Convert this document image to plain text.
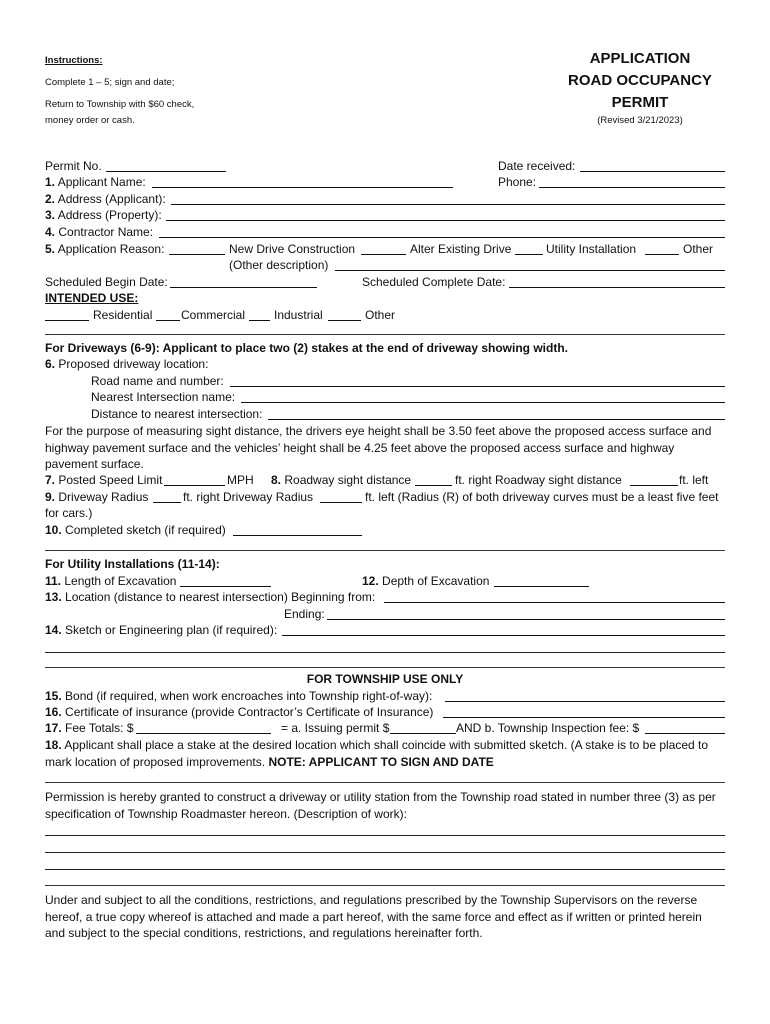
Instructions:
Complete 1 – 5; sign and date;
Return to Township with $60 check,
money order or cash.
APPLICATION
ROAD OCCUPANCY
PERMIT
(Revised 3/21/2023)
Permit No.	Date received:
1. Applicant Name:	Phone:
2. Address (Applicant):
3. Address (Property):
4. Contractor Name:
5. Application Reason:	New Drive Construction	Alter Existing Drive	Utility Installation	Other
(Other description)
Scheduled Begin Date:	Scheduled Complete Date:
INTENDED USE:
Residential Commercial Industrial	Other
For Driveways (6-9): Applicant to place two (2) stakes at the end of driveway showing width.
6. Proposed driveway location:
Road name and number:
Nearest Intersection name:
Distance to nearest intersection:
For the purpose of measuring sight distance, the drivers eye height shall be 3.50 feet above the proposed access surface and highway pavement surface and the vehicles’ height shall be 4.25 feet above the proposed access surface and highway pavement surface.
7. Posted Speed Limit	MPH 8. Roadway sight distance	ft. right Roadway sight distance	ft. left
9. Driveway Radius	ft. right Driveway Radius	ft. left (Radius (R) of both driveway curves must be a least five feet
for cars.)
10. Completed sketch (if required)
For Utility Installations (11-14):
11. Length of Excavation	12. Depth of Excavation
13. Location (distance to nearest intersection) Beginning from:
Ending:
14. Sketch or Engineering plan (if required):
FOR TOWNSHIP USE ONLY
15. Bond (if required, when work encroaches into Township right-of-way):
16. Certificate of insurance (provide Contractor’s Certificate of Insurance)
17. Fee Totals: $	= a. Issuing permit $	AND b. Township Inspection fee: $
18. Applicant shall place a stake at the desired location which shall coincide with submitted sketch. (A stake is to be placed to
mark location of proposed improvements. NOTE: APPLICANT TO SIGN AND DATE
Permission is hereby granted to construct a driveway or utility station from the Township road stated in number three (3) as per specification of Township Roadmaster hereon. (Description of work):
Under and subject to all the conditions, restrictions, and regulations prescribed by the Township Supervisors on the reverse hereof, a true copy whereof is attached and made a part hereof, with the same force and effect as if written or printed herein and subject to the special conditions, restrictions, and regulations hereinafter forth.
